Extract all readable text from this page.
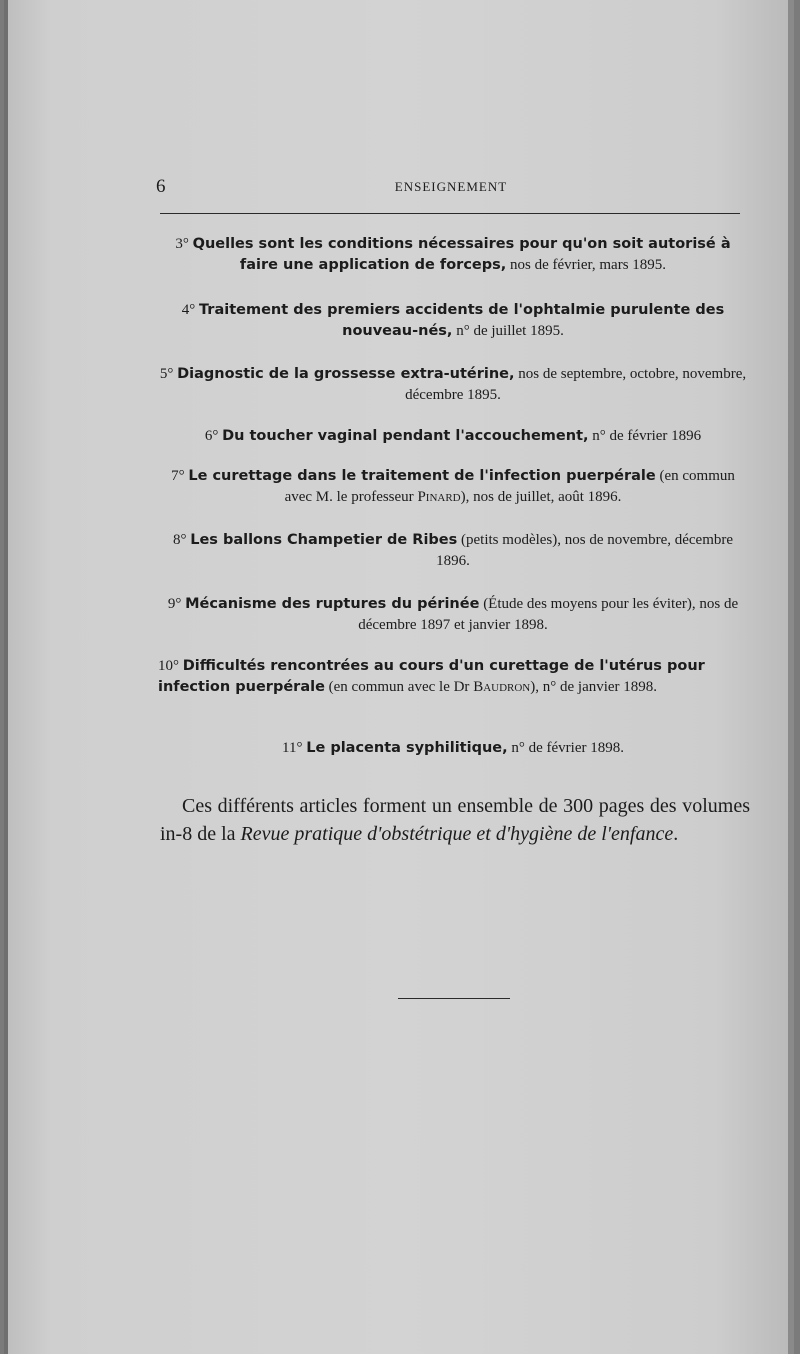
6	ENSEIGNEMENT
3° Quelles sont les conditions nécessaires pour qu'on soit autorisé à faire une application de forceps, nos de février, mars 1895.
4° Traitement des premiers accidents de l'ophtalmie purulente des nouveau-nés, n° de juillet 1895.
5° Diagnostic de la grossesse extra-utérine, nos de septembre, octobre, novembre, décembre 1895.
6° Du toucher vaginal pendant l'accouchement, n° de février 1896
7° Le curettage dans le traitement de l'infection puerpérale (en commun avec M. le professeur Pinard), nos de juillet, août 1896.
8° Les ballons Champetier de Ribes (petits modèles), nos de novembre, décembre 1896.
9° Mécanisme des ruptures du périnée (Étude des moyens pour les éviter), nos de décembre 1897 et janvier 1898.
10° Difficultés rencontrées au cours d'un curettage de l'utérus pour infection puerpérale (en commun avec le Dr Baudron), n° de janvier 1898.
11° Le placenta syphilitique, n° de février 1898.
Ces différents articles forment un ensemble de 300 pages des volumes in-8 de la Revue pratique d'obstétrique et d'hygiène de l'enfance.
